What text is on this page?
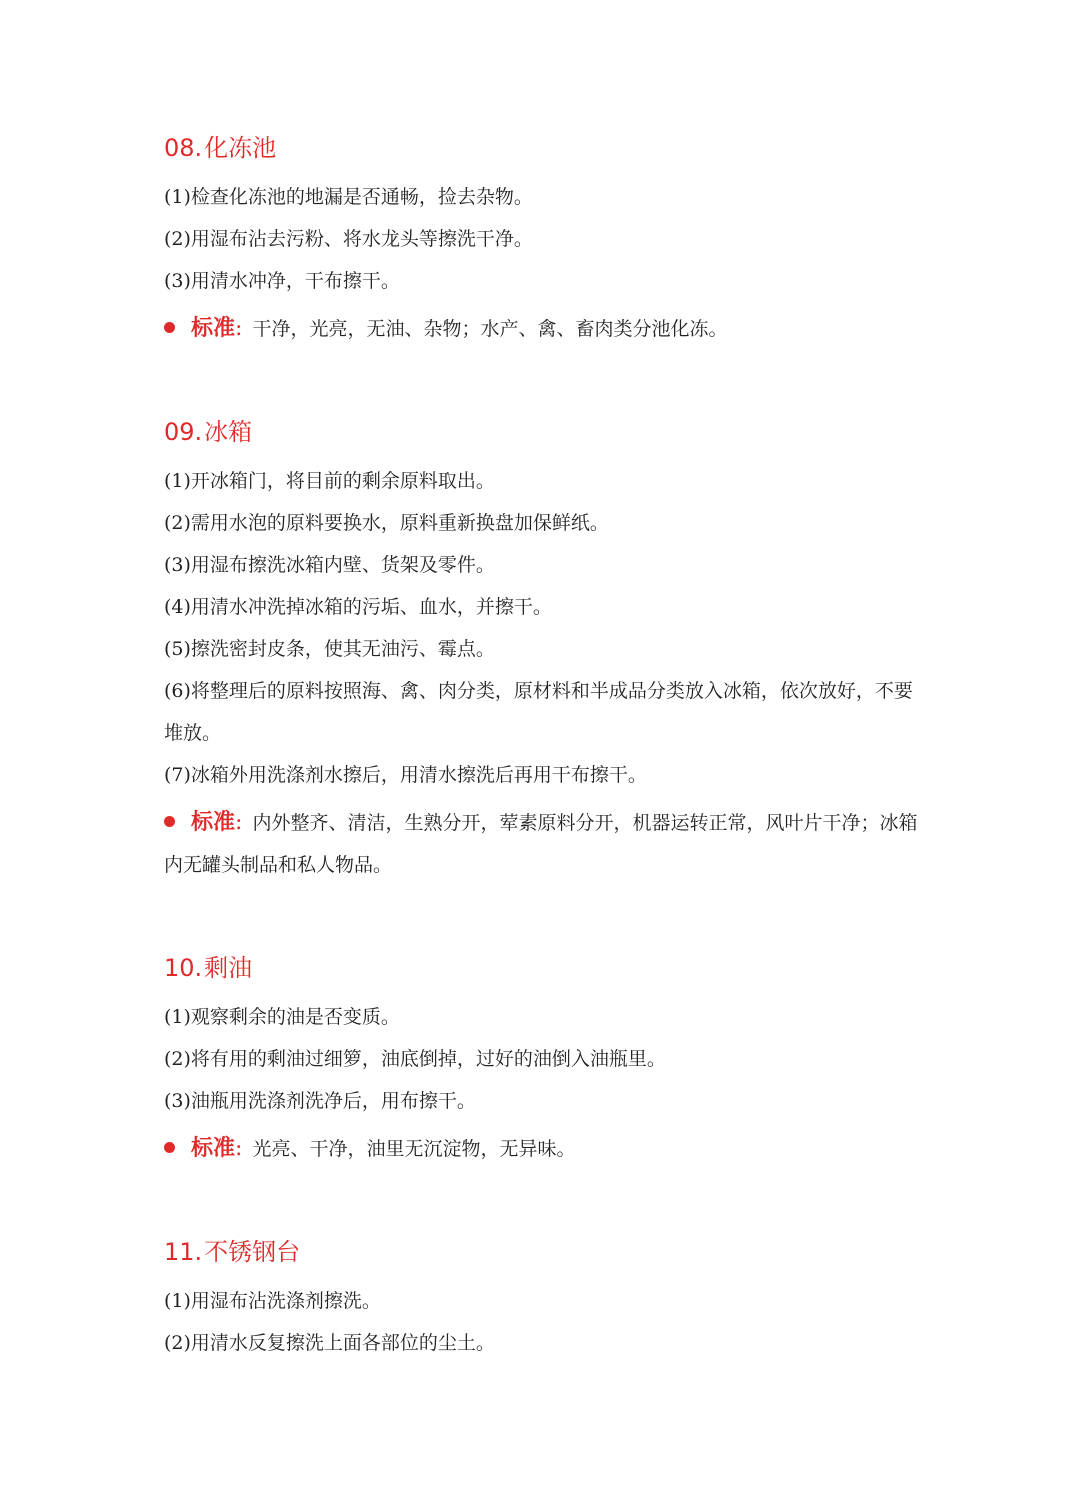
08.化冻池

(1)检查化冻池的地漏是否通畅，捡去杂物。

(2)用湿布沾去污粉、将水龙头等擦洗干净。

(3)用清水冲净，干布擦干。

标准: 干净，光亮，无油、杂物；水产、禽、畜肉类分池化冻。

09.冰箱

(1)开冰箱门，将目前的剩余原料取出。

(2)需用水泡的原料要换水，原料重新换盘加保鲜纸。

(3)用湿布擦洗冰箱内壁、货架及零件。

(4)用清水冲洗掉冰箱的污垢、血水，并擦干。

(5)擦洗密封皮条，使其无油污、霉点。

(6)将整理后的原料按照海、禽、肉分类，原材料和半成品分类放入冰箱，依次放好，不要堆放。

(7)冰箱外用洗涤剂水擦后，用清水擦洗后再用干布擦干。

标准: 内外整齐、清洁，生熟分开，荤素原料分开，机器运转正常，风叶片干净；冰箱内无罐头制品和私人物品。

10.剩油

(1)观察剩余的油是否变质。

(2)将有用的剩油过细箩，油底倒掉，过好的油倒入油瓶里。

(3)油瓶用洗涤剂洗净后，用布擦干。

标准: 光亮、干净，油里无沉淀物，无异味。

11.不锈钢台

(1)用湿布沾洗涤剂擦洗。

(2)用清水反复擦洗上面各部位的尘土。
